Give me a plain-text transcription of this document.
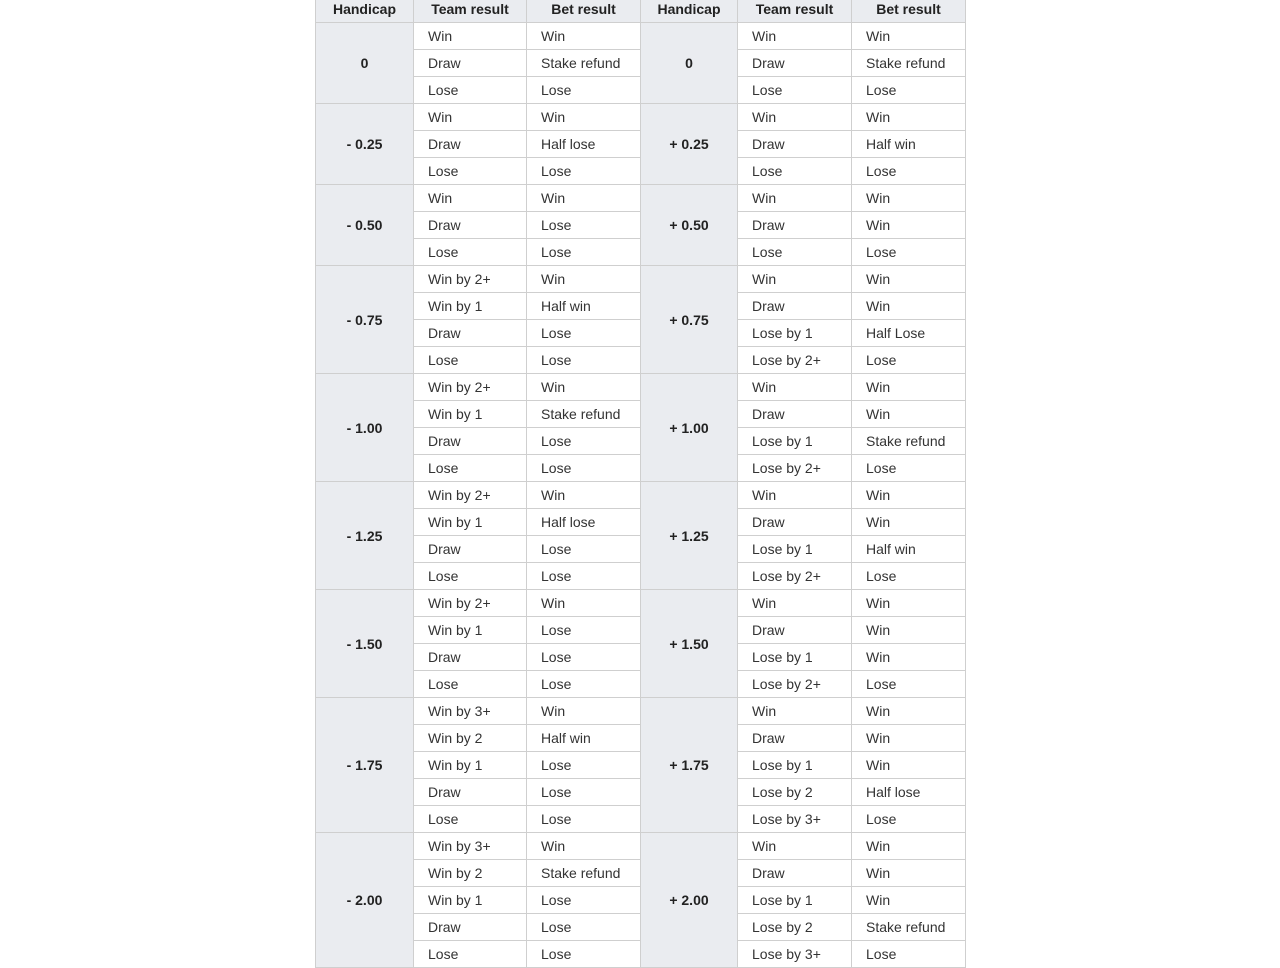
Handicap	Team result	Bet result	Handicap	Team result	Bet result
0	Win	Win	0	Win	Win
	Draw	Stake refund		Draw	Stake refund
	Lose	Lose		Lose	Lose
- 0.25	Win	Win	+ 0.25	Win	Win
	Draw	Half lose		Draw	Half win
	Lose	Lose		Lose	Lose
- 0.50	Win	Win	+ 0.50	Win	Win
	Draw	Lose		Draw	Win
	Lose	Lose		Lose	Lose
- 0.75	Win by 2+	Win	+ 0.75	Win	Win
	Win by 1	Half win		Draw	Win
	Draw	Lose		Lose by 1	Half Lose
	Lose	Lose		Lose by 2+	Lose
- 1.00	Win by 2+	Win	+ 1.00	Win	Win
	Win by 1	Stake refund		Draw	Win
	Draw	Lose		Lose by 1	Stake refund
	Lose	Lose		Lose by 2+	Lose
- 1.25	Win by 2+	Win	+ 1.25	Win	Win
	Win by 1	Half lose		Draw	Win
	Draw	Lose		Lose by 1	Half win
	Lose	Lose		Lose by 2+	Lose
- 1.50	Win by 2+	Win	+ 1.50	Win	Win
	Win by 1	Lose		Draw	Win
	Draw	Lose		Lose by 1	Win
	Lose	Lose		Lose by 2+	Lose
- 1.75	Win by 3+	Win	+ 1.75	Win	Win
	Win by 2	Half win		Draw	Win
	Win by 1	Lose		Lose by 1	Win
	Draw	Lose		Lose by 2	Half lose
	Lose	Lose		Lose by 3+	Lose
- 2.00	Win by 3+	Win	+ 2.00	Win	Win
	Win by 2	Stake refund		Draw	Win
	Win by 1	Lose		Lose by 1	Win
	Draw	Lose		Lose by 2	Stake refund
	Lose	Lose		Lose by 3+	Lose
